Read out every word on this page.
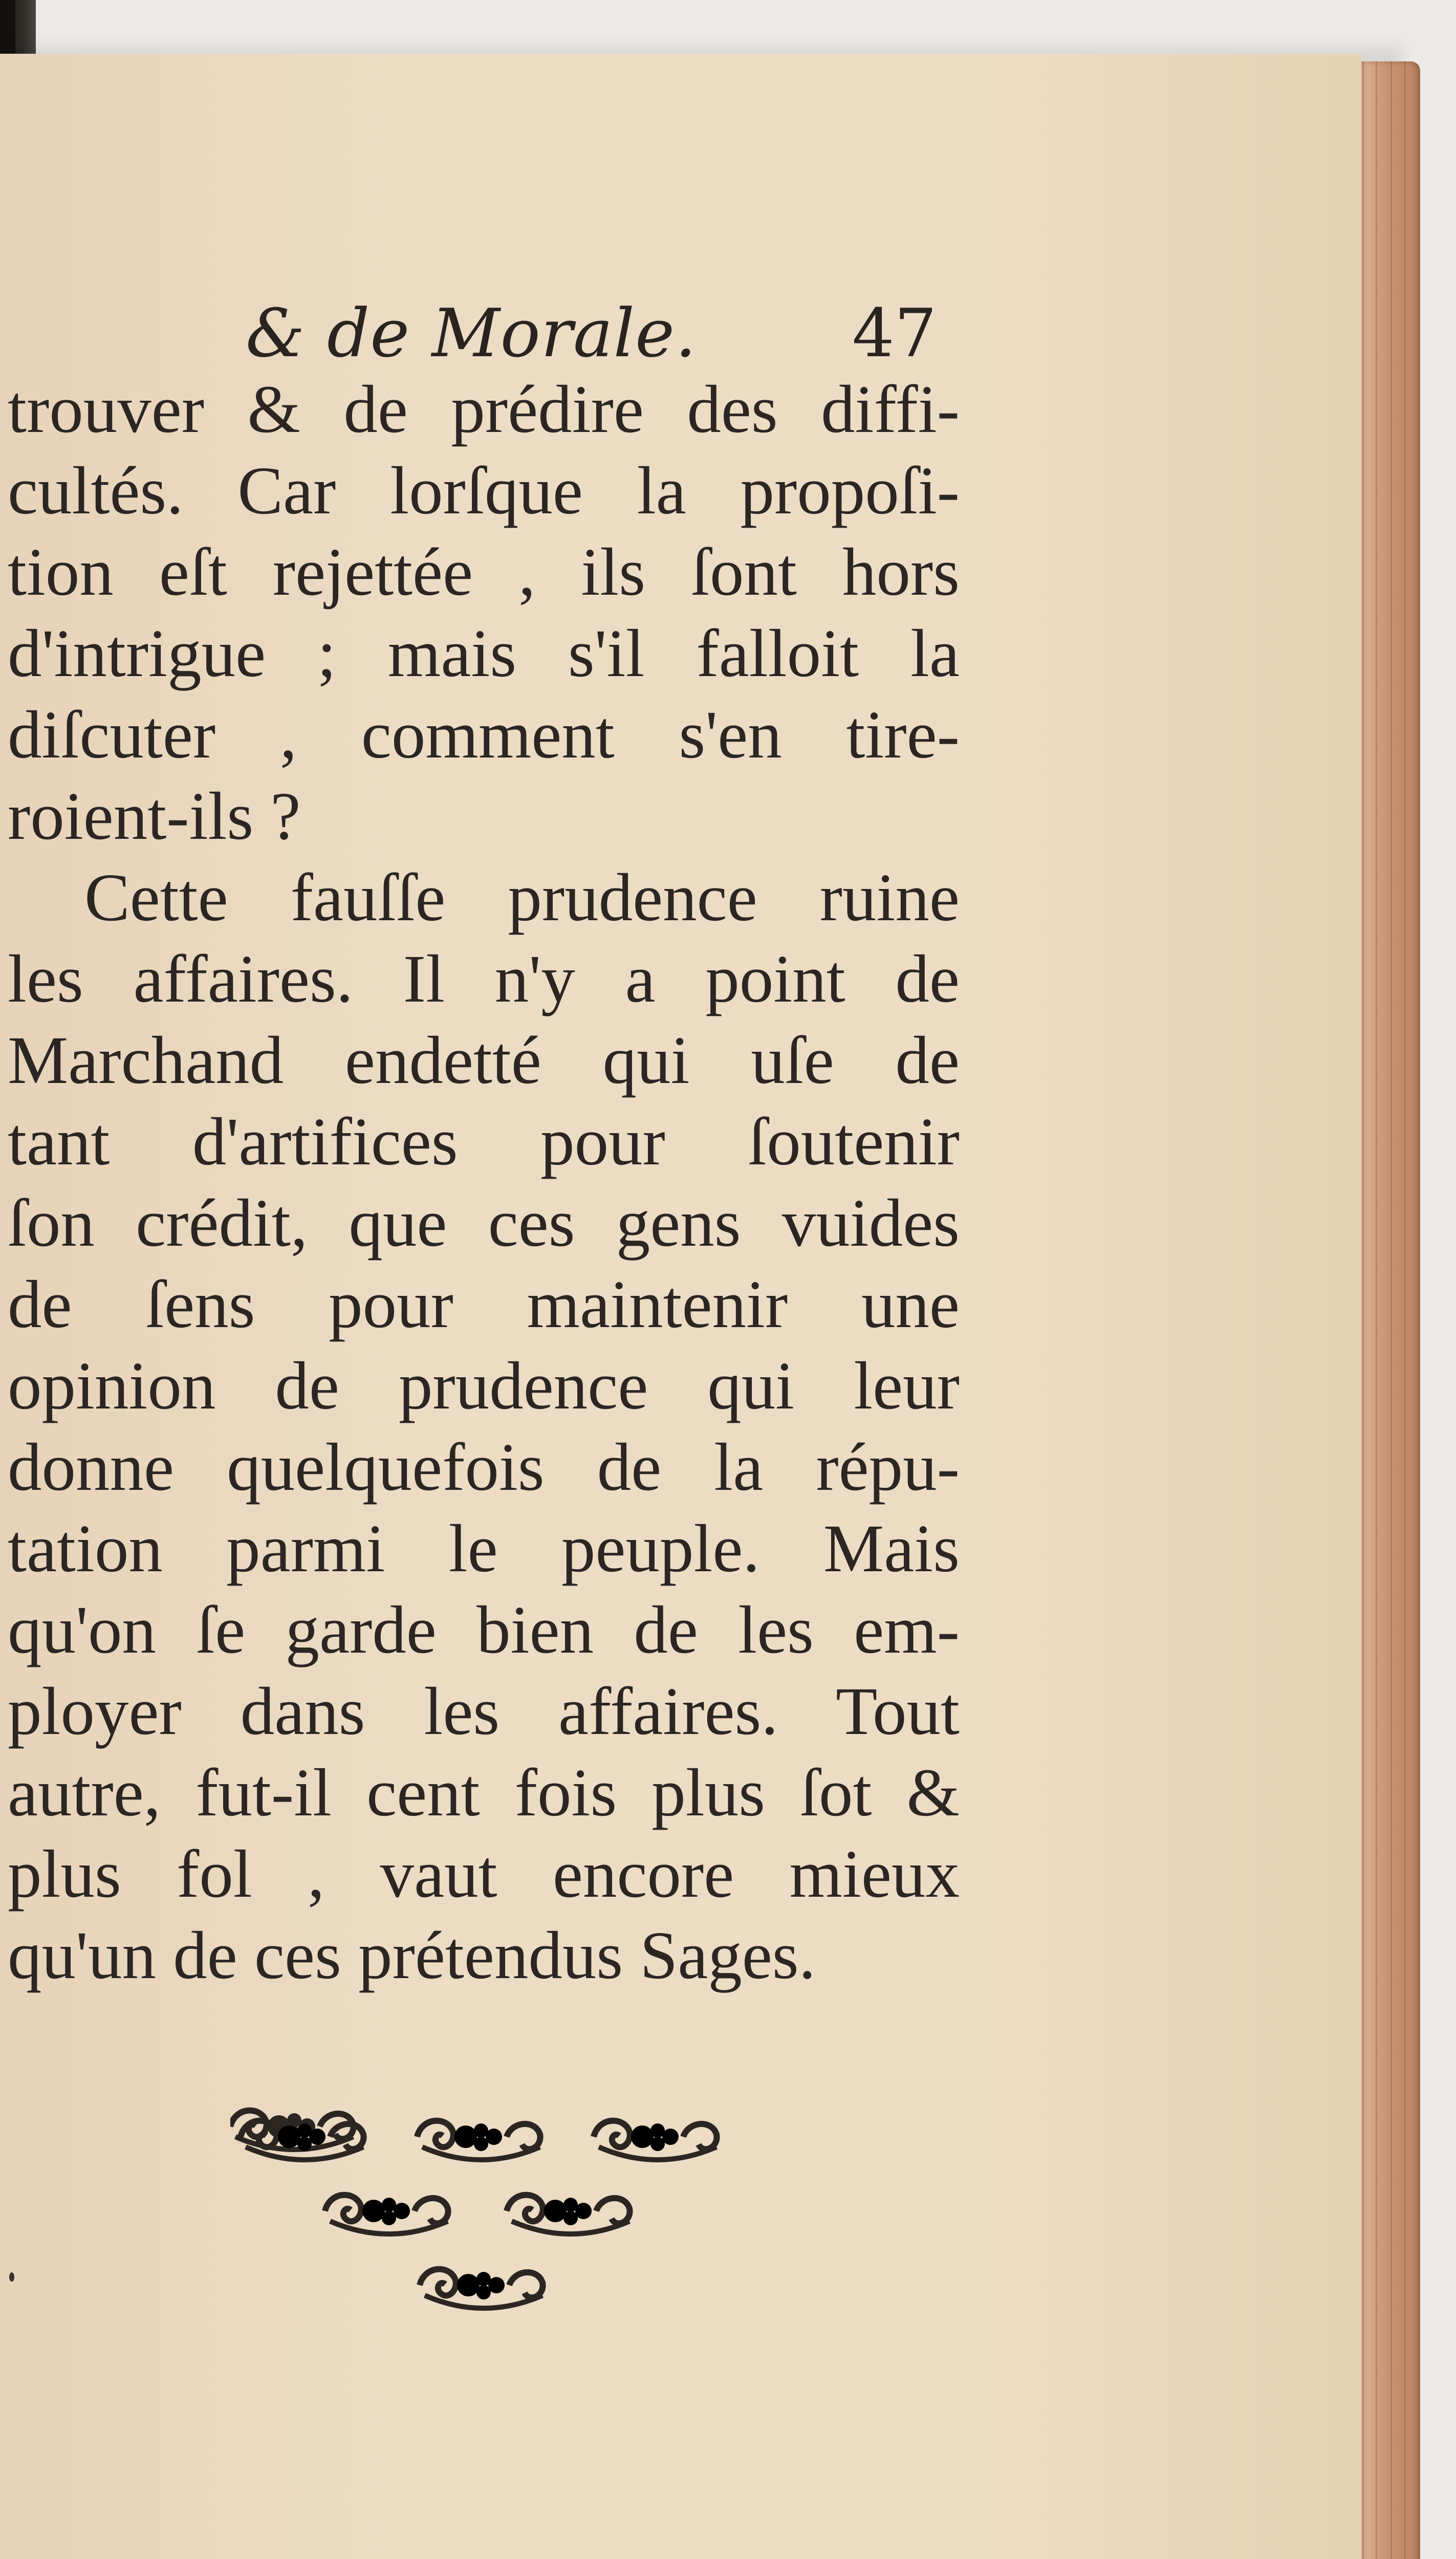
& de Morale. 47
trouver & de prédire des diffi-
cultés. Car lorſque la propoſi-
tion eſt rejettée , ils ſont hors
d'intrigue ; mais s'il falloit la
diſcuter , comment s'en tire-
roient-ils ?
Cette fauſſe prudence ruine
les affaires. Il n'y a point de
Marchand endetté qui uſe de
tant d'artifices pour ſoutenir
ſon crédit, que ces gens vuides
de ſens pour maintenir une
opinion de prudence qui leur
donne quelquefois de la répu-
tation parmi le peuple. Mais
qu'on ſe garde bien de les em-
ployer dans les affaires. Tout
autre, fut-il cent fois plus ſot &
plus fol , vaut encore mieux
qu'un de ces prétendus Sages.
